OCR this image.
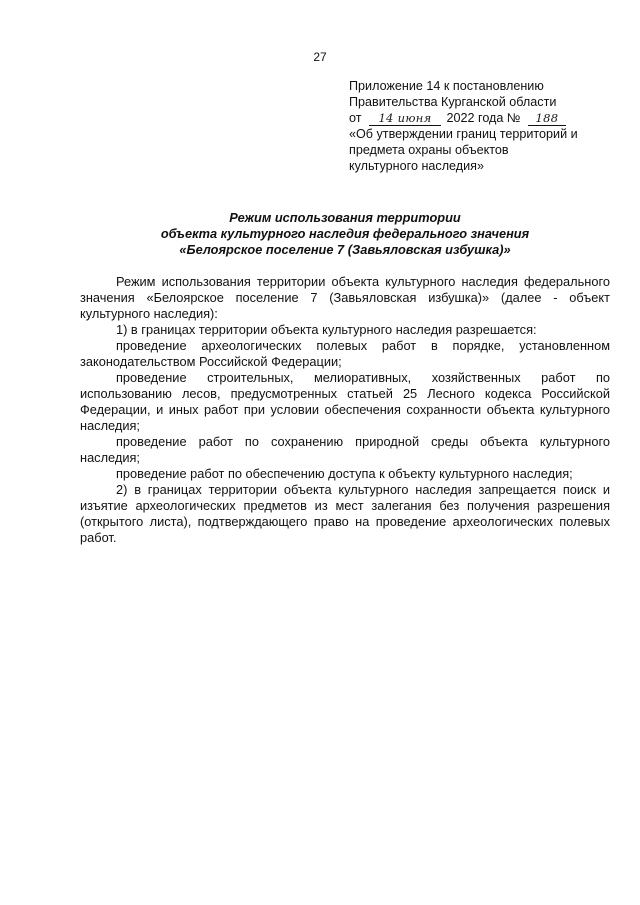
27
Приложение 14 к постановлению
Правительства Курганской области
от 14 июня 2022 года № 188
«Об утверждении границ территорий и
предмета охраны объектов
культурного наследия»
Режим использования территории
объекта культурного наследия федерального значения
«Белоярское поселение 7 (Завьяловская избушка)»

Режим использования территории объекта культурного наследия федерального значения «Белоярское поселение 7 (Завьяловская избушка)» (далее - объект культурного наследия):

1) в границах территории объекта культурного наследия разрешается:

проведение археологических полевых работ в порядке, установленном законодательством Российской Федерации;

проведение строительных, мелиоративных, хозяйственных работ по использованию лесов, предусмотренных статьей 25 Лесного кодекса Российской Федерации, и иных работ при условии обеспечения сохранности объекта культурного наследия;

проведение работ по сохранению природной среды объекта культурного наследия;

проведение работ по обеспечению доступа к объекту культурного наследия;

2) в границах территории объекта культурного наследия запрещается поиск и изъятие археологических предметов из мест залегания без получения разрешения (открытого листа), подтверждающего право на проведение археологических полевых работ.
